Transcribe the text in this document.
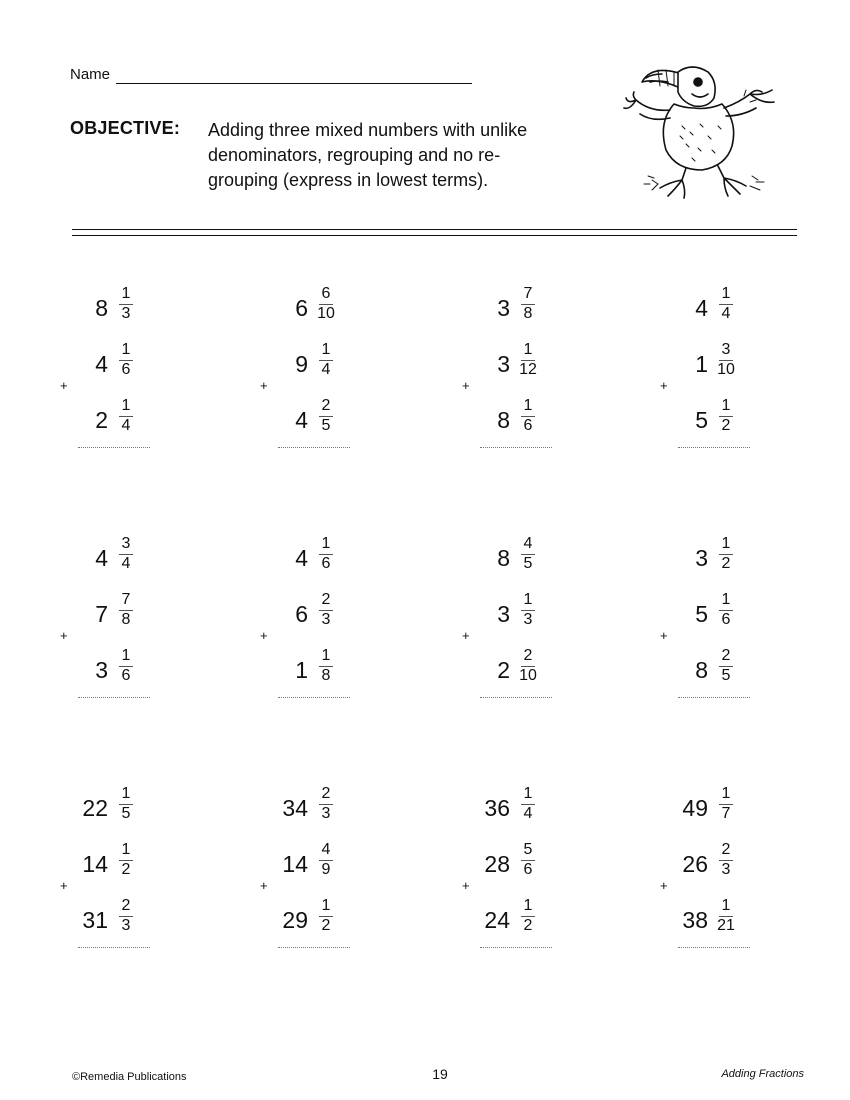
Name
OBJECTIVE: Adding three mixed numbers with unlike
denominators, regrouping and no re-
grouping (express in lowest terms).
8
1
3
4
1
6
+
2
1
4
6
6
10
9
1
4
+
4
2
5
3
7
8
3
1
12
+
8
1
6
4
1
4
1
3
10
+
5
1
2
4
3
4
7
7
8
+
3
1
6
4
1
6
6
2
3
+
1
1
8
8
4
5
3
1
3
+
2
2
10
3
1
2
5
1
6
+
8
2
5
22
1
5
14
1
2
+
31
2
3
34
2
3
14
4
9
+
29
1
2
36
1
4
28
5
6
+
24
1
2
49
1
7
26
2
3
+
38
1
21
©Remedia Publications	19	Adding Fractions
